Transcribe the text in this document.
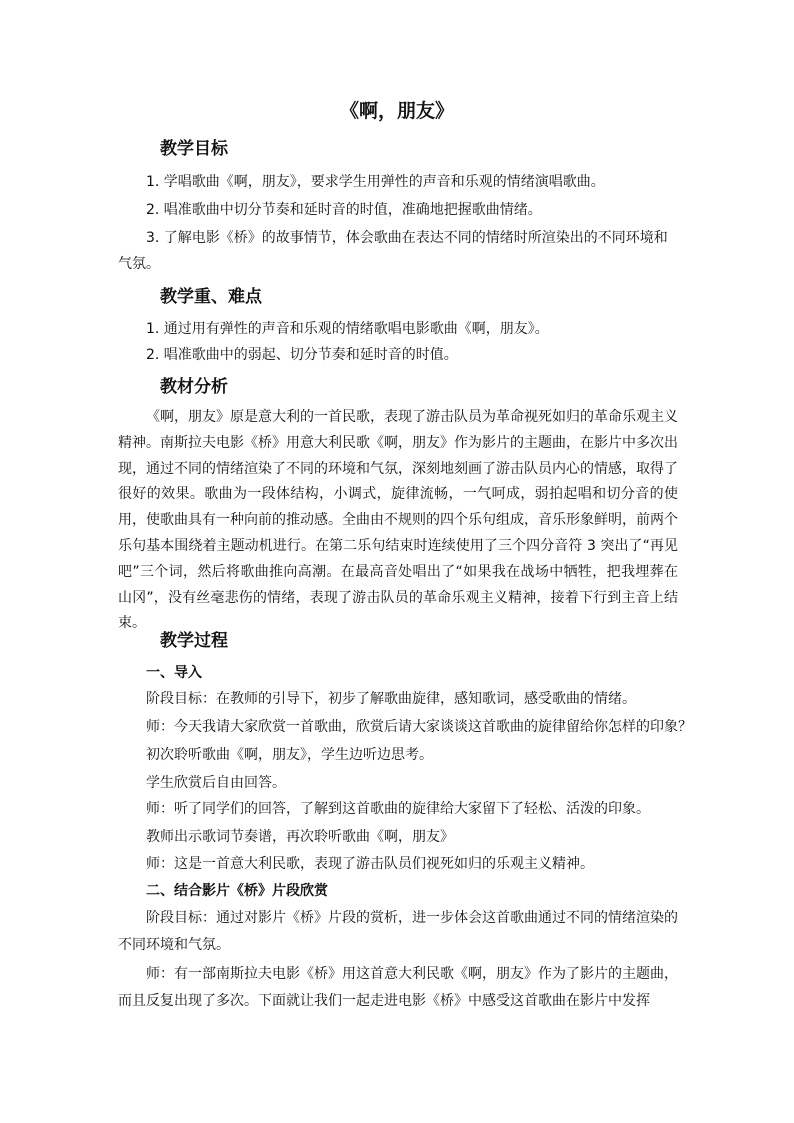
《啊，朋友》
教学目标

1. 学唱歌曲《啊，朋友》，要求学生用弹性的声音和乐观的情绪演唱歌曲。

2. 唱准歌曲中切分节奏和延时音的时值，准确地把握歌曲情绪。

3. 了解电影《桥》的故事情节，体会歌曲在表达不同的情绪时所渲染出的不同环境和

气氛。

教学重、难点

1. 通过用有弹性的声音和乐观的情绪歌唱电影歌曲《啊，朋友》。

2. 唱准歌曲中的弱起、切分节奏和延时音的时值。

教材分析

《啊，朋友》原是意大利的一首民歌，表现了游击队员为革命视死如归的革命乐观主义精神。南斯拉夫电影《桥》用意大利民歌《啊，朋友》作为影片的主题曲，在影片中多次出现，通过不同的情绪渲染了不同的环境和气氛，深刻地刻画了游击队员内心的情感，取得了很好的效果。歌曲为一段体结构，小调式，旋律流畅，一气呵成，弱拍起唱和切分音的使用，使歌曲具有一种向前的推动感。全曲由不规则的四个乐句组成，音乐形象鲜明，前两个乐句基本围绕着主题动机进行。在第二乐句结束时连续使用了三个四分音符 3 突出了“再见吧”三个词，然后将歌曲推向高潮。在最高音处唱出了“如果我在战场中牺牲，把我埋葬在山冈”，没有丝毫悲伤的情绪，表现了游击队员的革命乐观主义精神，接着下行到主音上结束。

教学过程
一、导入

阶段目标：在教师的引导下，初步了解歌曲旋律，感知歌词，感受歌曲的情绪。

师：今天我请大家欣赏一首歌曲，欣赏后请大家谈谈这首歌曲的旋律留给你怎样的印象？

初次聆听歌曲《啊，朋友》，学生边听边思考。

学生欣赏后自由回答。

师：听了同学们的回答，了解到这首歌曲的旋律给大家留下了轻松、活泼的印象。

教师出示歌词节奏谱，再次聆听歌曲《啊，朋友》

师：这是一首意大利民歌，表现了游击队员们视死如归的乐观主义精神。

二、结合影片《桥》片段欣赏

阶段目标：通过对影片《桥》片段的赏析，进一步体会这首歌曲通过不同的情绪渲染的

不同环境和气氛。

师：有一部南斯拉夫电影《桥》用这首意大利民歌《啊，朋友》作为了影片的主题曲，

而且反复出现了多次。下面就让我们一起走进电影《桥》中感受这首歌曲在影片中发挥
